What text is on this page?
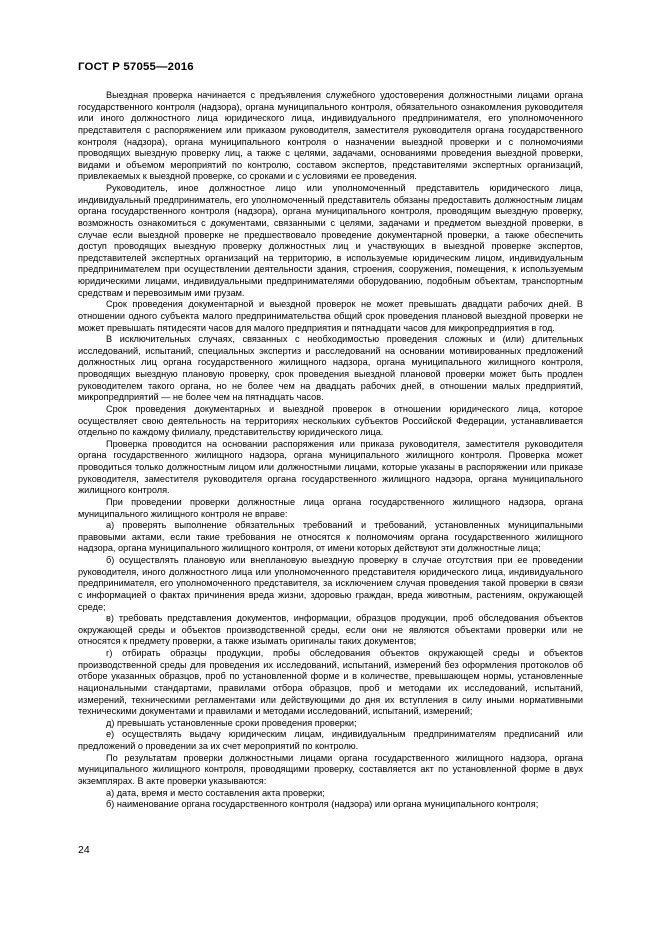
ГОСТ Р 57055—2016

Выездная проверка начинается с предъявления служебного удостоверения должностными лицами органа государственного контроля (надзора), органа муниципального контроля, обязательного ознакомления руководителя или иного должностного лица юридического лица, индивидуального предпринимателя, его уполномоченного представителя с распоряжением или приказом руководителя, заместителя руководителя органа государственного контроля (надзора), органа муниципального контроля о назначении выездной проверки и с полномочиями проводящих выездную проверку лиц, а также с целями, задачами, основаниями проведения выездной проверки, видами и объемом мероприятий по контролю, составом экспертов, представителями экспертных организаций, привлекаемых к выездной проверке, со сроками и с условиями ее проведения.

Руководитель, иное должностное лицо или уполномоченный представитель юридического лица, индивидуальный предприниматель, его уполномоченный представитель обязаны предоставить должностным лицам органа государственного контроля (надзора), органа муниципального контроля, проводящим выездную проверку, возможность ознакомиться с документами, связанными с целями, задачами и предметом выездной проверки, в случае если выездной проверке не предшествовало проведение документарной проверки, а также обеспечить доступ проводящих выездную проверку должностных лиц и участвующих в выездной проверке экспертов, представителей экспертных организаций на территорию, в используемые юридическим лицом, индивидуальным предпринимателем при осуществлении деятельности здания, строения, сооружения, помещения, к используемым юридическими лицами, индивидуальными предпринимателями оборудованию, подобным объектам, транспортным средствам и перевозимым ими грузам.

Срок проведения документарной и выездной проверок не может превышать двадцати рабочих дней. В отношении одного субъекта малого предпринимательства общий срок проведения плановой выездной проверки не может превышать пятидесяти часов для малого предприятия и пятнадцати часов для микропредприятия в год.

В исключительных случаях, связанных с необходимостью проведения сложных и (или) длительных исследований, испытаний, специальных экспертиз и расследований на основании мотивированных предложений должностных лиц органа государственного жилищного надзора, органа муниципального жилищного контроля, проводящих выездную плановую проверку, срок проведения выездной плановой проверки может быть продлен руководителем такого органа, но не более чем на двадцать рабочих дней, в отношении малых предприятий, микропредприятий — не более чем на пятнадцать часов.

Срок проведения документарных и выездной проверок в отношении юридического лица, которое осуществляет свою деятельность на территориях нескольких субъектов Российской Федерации, устанавливается отдельно по каждому филиалу, представительству юридического лица.

Проверка проводится на основании распоряжения или приказа руководителя, заместителя руководителя органа государственного жилищного надзора, органа муниципального жилищного контроля. Проверка может проводиться только должностным лицом или должностными лицами, которые указаны в распоряжении или приказе руководителя, заместителя руководителя органа государственного жилищного надзора, органа муниципального жилищного контроля.

При проведении проверки должностные лица органа государственного жилищного надзора, органа муниципального жилищного контроля не вправе:

а) проверять выполнение обязательных требований и требований, установленных муниципальными правовыми актами, если такие требования не относятся к полномочиям органа государственного жилищного надзора, органа муниципального жилищного контроля, от имени которых действуют эти должностные лица;

б) осуществлять плановую или внеплановую выездную проверку в случае отсутствия при ее проведении руководителя, иного должностного лица или уполномоченного представителя юридического лица, индивидуального предпринимателя, его уполномоченного представителя, за исключением случая проведения такой проверки в связи с информацией о фактах причинения вреда жизни, здоровью граждан, вреда животным, растениям, окружающей среде;

в) требовать представления документов, информации, образцов продукции, проб обследования объектов окружающей среды и объектов производственной среды, если они не являются объектами проверки или не относятся к предмету проверки, а также изымать оригиналы таких документов;

г) отбирать образцы продукции, пробы обследования объектов окружающей среды и объектов производственной среды для проведения их исследований, испытаний, измерений без оформления протоколов об отборе указанных образцов, проб по установленной форме и в количестве, превышающем нормы, установленные национальными стандартами, правилами отбора образцов, проб и методами их исследований, испытаний, измерений, техническими регламентами или действующими до дня их вступления в силу иными нормативными техническими документами и правилами и методами исследований, испытаний, измерений;

д) превышать установленные сроки проведения проверки;

е) осуществлять выдачу юридическим лицам, индивидуальным предпринимателям предписаний или предложений о проведении за их счет мероприятий по контролю.

По результатам проверки должностными лицами органа государственного жилищного надзора, органа муниципального жилищного контроля, проводящими проверку, составляется акт по установленной форме в двух экземплярах. В акте проверки указываются:

а) дата, время и место составления акта проверки;

б) наименование органа государственного контроля (надзора) или органа муниципального контроля;

24
